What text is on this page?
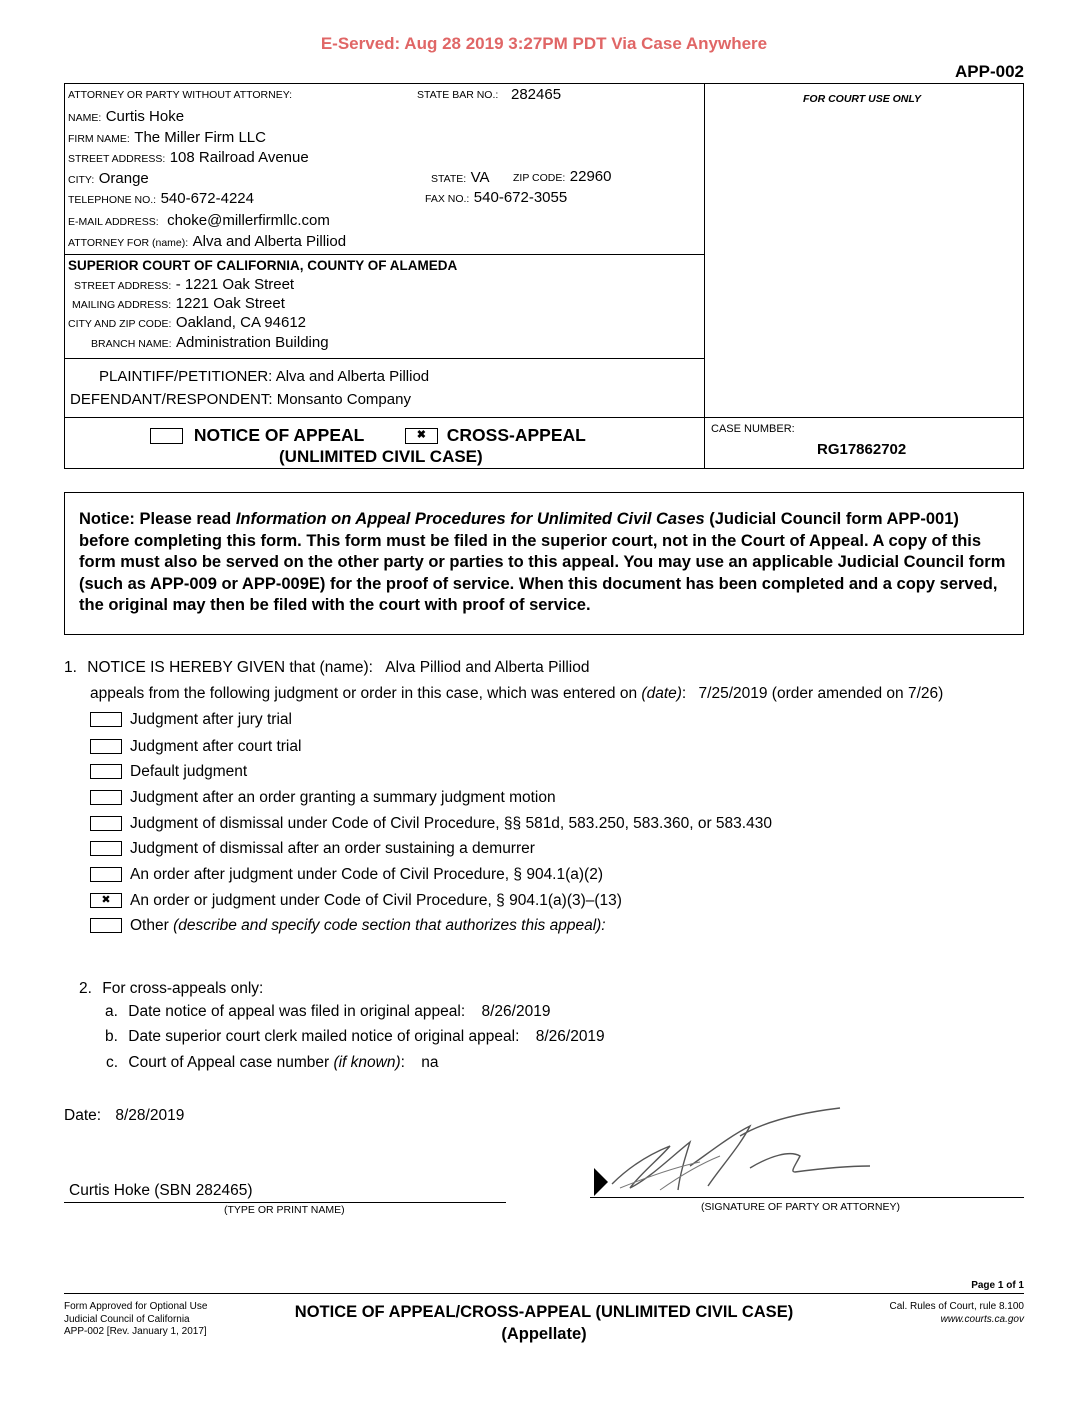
E-Served: Aug 28 2019 3:27PM PDT Via Case Anywhere
APP-002
ATTORNEY OR PARTY WITHOUT ATTORNEY:	STATE BAR NO.: 282465
NAME: Curtis Hoke
FIRM NAME: The Miller Firm LLC
STREET ADDRESS: 108 Railroad Avenue
CITY: Orange	STATE: VA ZIP CODE: 22960
TELEPHONE NO.: 540-672-4224	FAX NO.: 540-672-3055
E-MAIL ADDRESS: choke@millerfirmllc.com
ATTORNEY FOR (name): Alva and Alberta Pilliod
FOR COURT USE ONLY
SUPERIOR COURT OF CALIFORNIA, COUNTY OF ALAMEDA
STREET ADDRESS: - 1221 Oak Street
MAILING ADDRESS: 1221 Oak Street
CITY AND ZIP CODE: Oakland, CA 94612
BRANCH NAME: Administration Building
PLAINTIFF/PETITIONER: Alva and Alberta Pilliod
DEFENDANT/RESPONDENT: Monsanto Company
NOTICE OF APPEAL	✖ CROSS-APPEAL
(UNLIMITED CIVIL CASE)
CASE NUMBER:
RG17862702
Notice: Please read Information on Appeal Procedures for Unlimited Civil Cases (Judicial Council form APP-001) before completing this form. This form must be filed in the superior court, not in the Court of Appeal. A copy of this form must also be served on the other party or parties to this appeal. You may use an applicable Judicial Council form (such as APP-009 or APP-009E) for the proof of service. When this document has been completed and a copy served, the original may then be filed with the court with proof of service.
1. NOTICE IS HEREBY GIVEN that (name): Alva Pilliod and Alberta Pilliod
appeals from the following judgment or order in this case, which was entered on (date): 7/25/2019 (order amended on 7/26)
Judgment after jury trial
Judgment after court trial
Default judgment
Judgment after an order granting a summary judgment motion
Judgment of dismissal under Code of Civil Procedure, §§ 581d, 583.250, 583.360, or 583.430
Judgment of dismissal after an order sustaining a demurrer
An order after judgment under Code of Civil Procedure, § 904.1(a)(2)
✖ An order or judgment under Code of Civil Procedure, § 904.1(a)(3)–(13)
Other (describe and specify code section that authorizes this appeal):
2. For cross-appeals only:
a. Date notice of appeal was filed in original appeal: 8/26/2019
b. Date superior court clerk mailed notice of original appeal: 8/26/2019
c. Court of Appeal case number (if known): na
Date: 8/28/2019
Curtis Hoke (SBN 282465)
(TYPE OR PRINT NAME)	(SIGNATURE OF PARTY OR ATTORNEY)
Page 1 of 1
Form Approved for Optional Use
Judicial Council of California
APP-002 [Rev. January 1, 2017]
NOTICE OF APPEAL/CROSS-APPEAL (UNLIMITED CIVIL CASE)
(Appellate)
Cal. Rules of Court, rule 8.100
www.courts.ca.gov
